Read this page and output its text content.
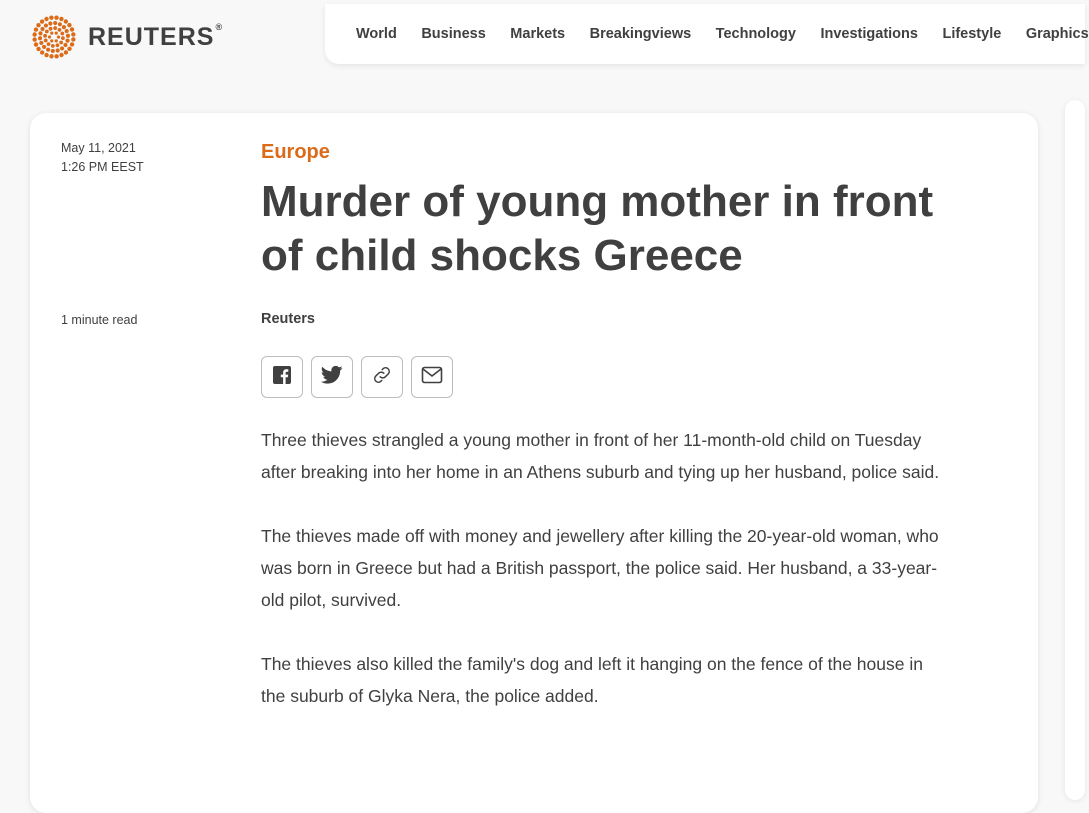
REUTERS®	World Business Markets Breakingviews Technology Investigations Lifestyle Graphics
May 11, 2021
1:26 PM EEST
1 minute read
Europe
Murder of young mother in front of child shocks Greece
Reuters

Three thieves strangled a young mother in front of her 11-month-old child on Tuesday after breaking into her home in an Athens suburb and tying up her husband, police said.

The thieves made off with money and jewellery after killing the 20-year-old woman, who was born in Greece but had a British passport, the police said. Her husband, a 33-year-old pilot, survived.

The thieves also killed the family's dog and left it hanging on the fence of the house in the suburb of Glyka Nera, the police added.
